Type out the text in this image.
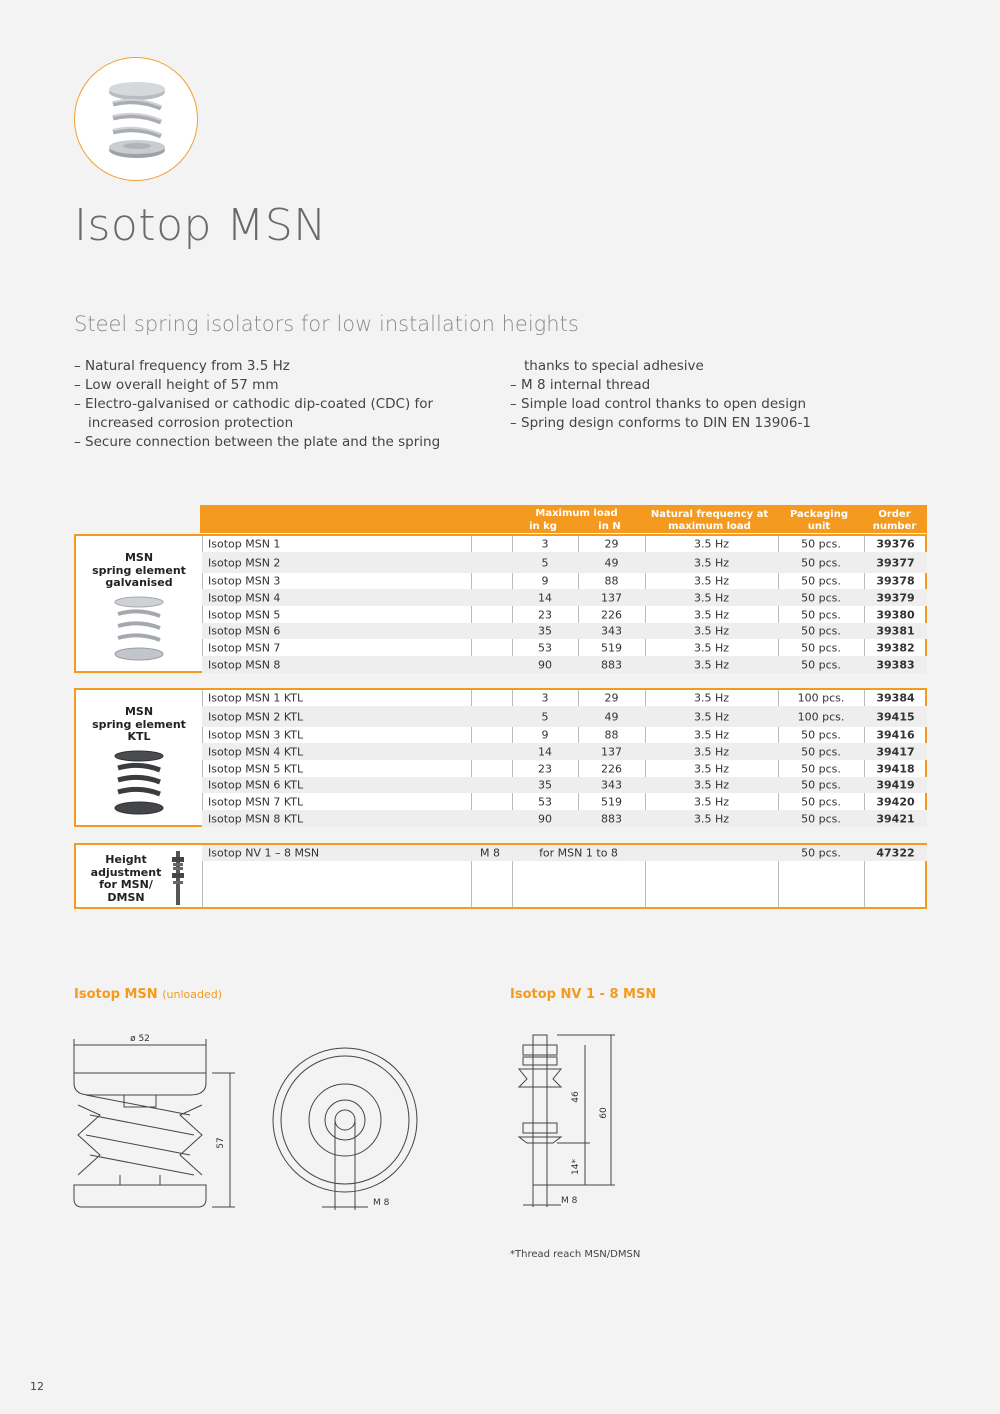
Isotop MSN
Steel spring isolators for low installation heights
– Natural frequency from 3.5 Hz
– Low overall height of 57 mm
– Electro-galvanised or cathodic dip-coated (CDC) for
increased corrosion protection
– Secure connection between the plate and the spring
thanks to special adhesive
– M 8 internal thread
– Simple load control thanks to open design
– Spring design conforms to DIN EN 13906-1
Maximum load
in kg	in N
Natural frequency at
maximum load
Packaging
unit
Order
number
MSN
spring element
galvanised
Isotop MSN 1	3	29	3.5 Hz	50 pcs.	39376
Isotop MSN 2	5	49	3.5 Hz	50 pcs.	39377
Isotop MSN 3	9	88	3.5 Hz	50 pcs.	39378
Isotop MSN 4	14	137	3.5 Hz	50 pcs.	39379
Isotop MSN 5	23	226	3.5 Hz	50 pcs.	39380
Isotop MSN 6	35	343	3.5 Hz	50 pcs.	39381
Isotop MSN 7	53	519	3.5 Hz	50 pcs.	39382
Isotop MSN 8	90	883	3.5 Hz	50 pcs.	39383
MSN
spring element
KTL
Isotop MSN 1 KTL	3	29	3.5 Hz	100 pcs.	39384
Isotop MSN 2 KTL	5	49	3.5 Hz	100 pcs.	39415
Isotop MSN 3 KTL	9	88	3.5 Hz	50 pcs.	39416
Isotop MSN 4 KTL	14	137	3.5 Hz	50 pcs.	39417
Isotop MSN 5 KTL	23	226	3.5 Hz	50 pcs.	39418
Isotop MSN 6 KTL	35	343	3.5 Hz	50 pcs.	39419
Isotop MSN 7 KTL	53	519	3.5 Hz	50 pcs.	39420
Isotop MSN 8 KTL	90	883	3.5 Hz	50 pcs.	39421
Height
adjustment
for MSN/
DMSN
Isotop NV 1 – 8 MSN	M 8	for MSN 1 to 8	50 pcs.	47322
Isotop MSN (unloaded)	Isotop NV 1 - 8 MSN
ø 52
57
M 8
46
60
14*
M 8
*Thread reach MSN/DMSN
12
